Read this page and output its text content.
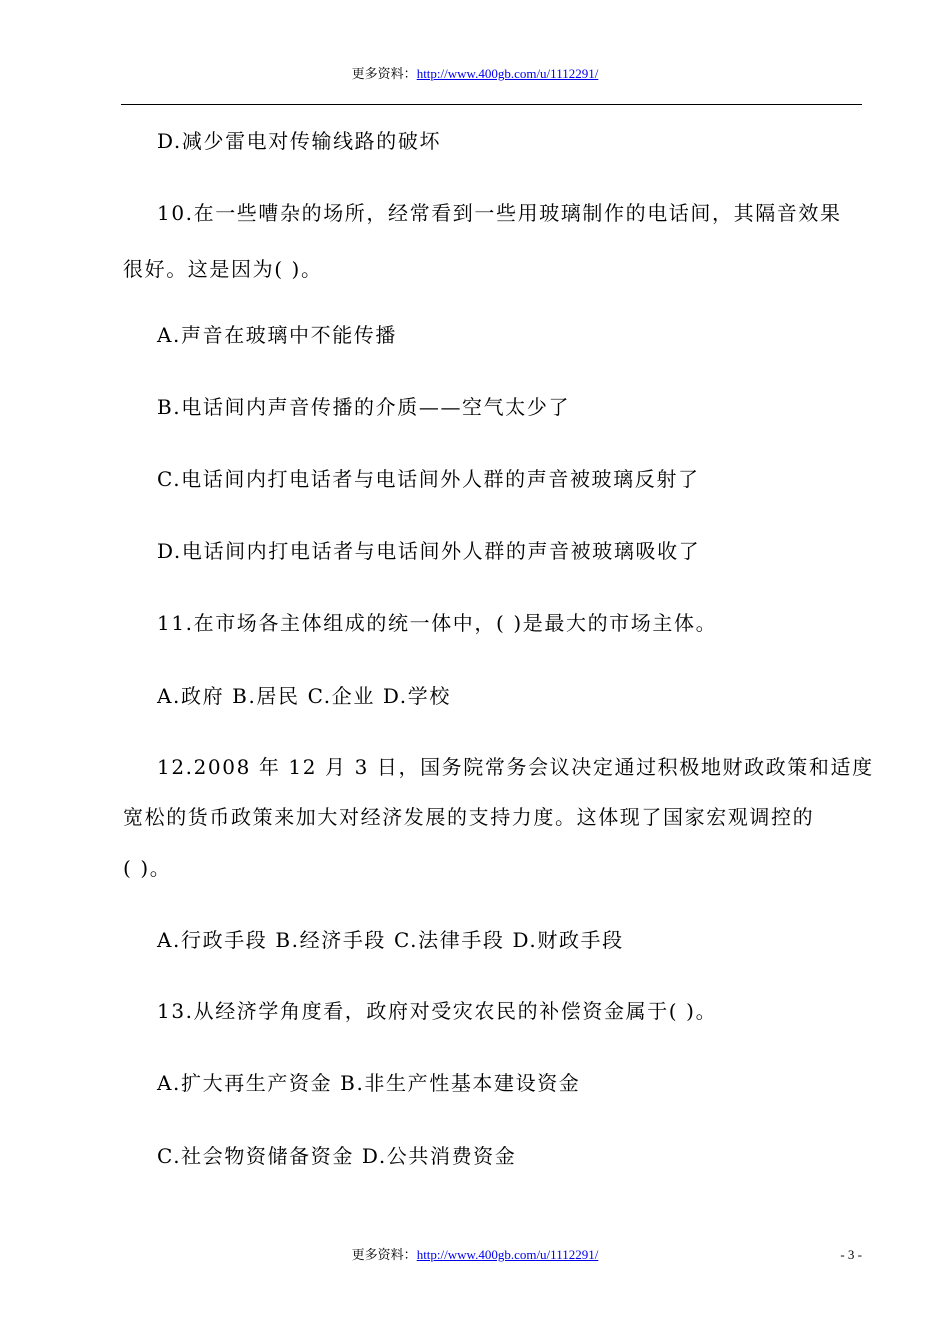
更多资料：http://www.400gb.com/u/1112291/
D.减少雷电对传输线路的破坏
10.在一些嘈杂的场所，经常看到一些用玻璃制作的电话间，其隔音效果
很好。这是因为( )。
A.声音在玻璃中不能传播
B.电话间内声音传播的介质——空气太少了
C.电话间内打电话者与电话间外人群的声音被玻璃反射了
D.电话间内打电话者与电话间外人群的声音被玻璃吸收了
11.在市场各主体组成的统一体中，( )是最大的市场主体。
A.政府 B.居民 C.企业 D.学校
12.2008 年 12 月 3 日，国务院常务会议决定通过积极地财政政策和适度
宽松的货币政策来加大对经济发展的支持力度。这体现了国家宏观调控的
( )。
A.行政手段 B.经济手段 C.法律手段 D.财政手段
13.从经济学角度看，政府对受灾农民的补偿资金属于( )。
A.扩大再生产资金 B.非生产性基本建设资金
C.社会物资储备资金 D.公共消费资金
更多资料：http://www.400gb.com/u/1112291/	- 3 -
